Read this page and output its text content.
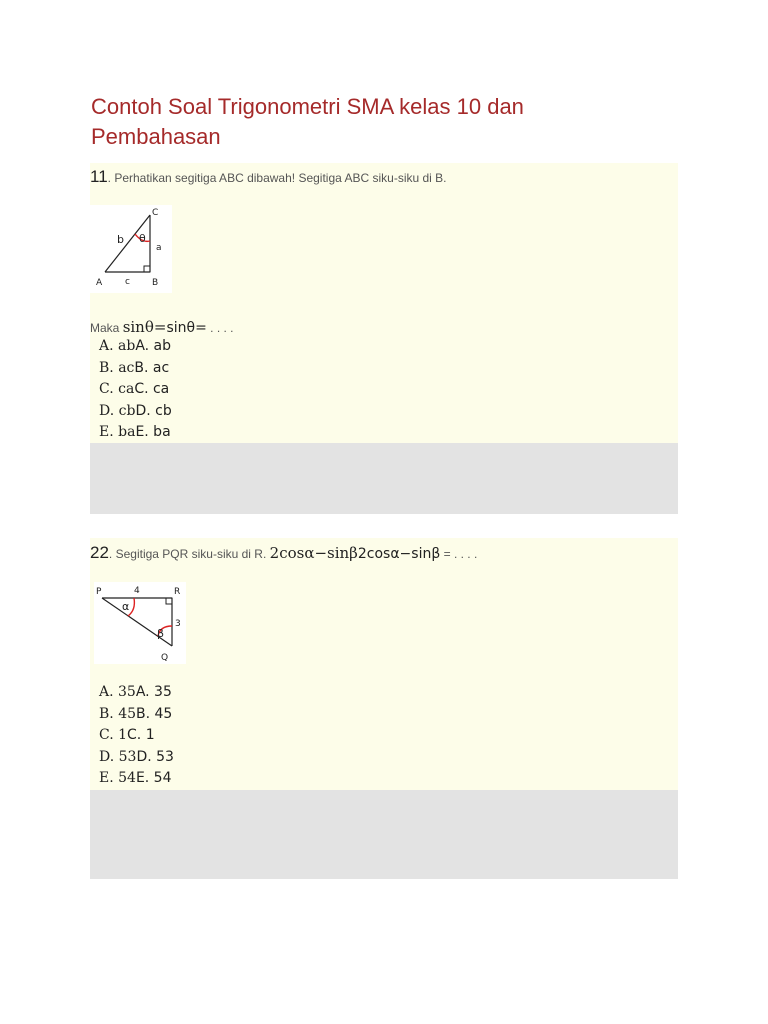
Contoh Soal Trigonometri SMA kelas 10 dan Pembahasan
11. Perhatikan segitiga ABC dibawah! Segitiga ABC siku-siku di B.
C
b θ
a
A	c B
Maka sinθ=sinθ= . . . .
A. abA. ab
B. acB. ac
C. caC. ca
D. cbD. cb
E. baE. ba
22. Segitiga PQR siku-siku di R. 2cosα−sinβ2cosα−sinβ = . . . .
P	4	R
α
3
β
Q
A. 35A. 35
B. 45B. 45
C. 1C. 1
D. 53D. 53
E. 54E. 54
